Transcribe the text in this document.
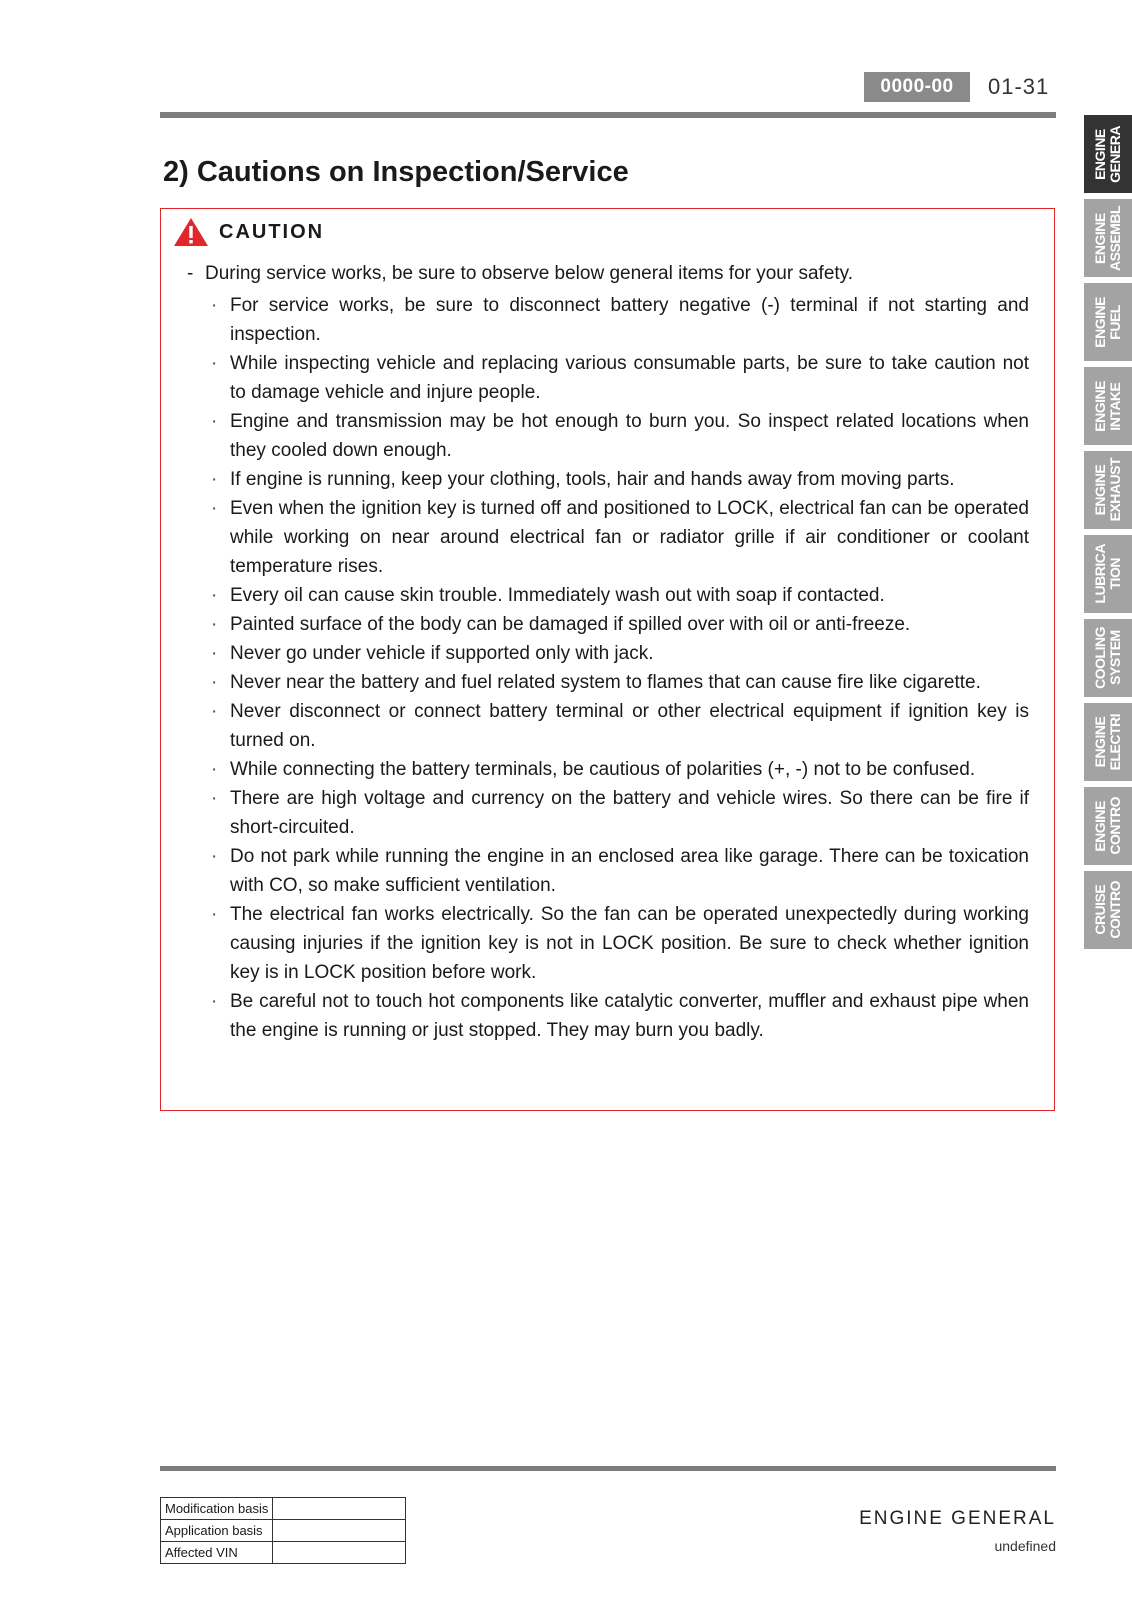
0000-00	01-31
2) Cautions on Inspection/Service
CAUTION

- During service works, be sure to observe below general items for your safety.

· For service works, be sure to disconnect battery negative (-) terminal if not starting and inspection.
· While inspecting vehicle and replacing various consumable parts, be sure to take caution not to damage vehicle and injure people.
· Engine and transmission may be hot enough to burn you. So inspect related locations when they cooled down enough.
· If engine is running, keep your clothing, tools, hair and hands away from moving parts.
· Even when the ignition key is turned off and positioned to LOCK, electrical fan can be operated while working on near around electrical fan or radiator grille if air conditioner or coolant temperature rises.
· Every oil can cause skin trouble. Immediately wash out with soap if contacted.
· Painted surface of the body can be damaged if spilled over with oil or anti-freeze.
· Never go under vehicle if supported only with jack.
· Never near the battery and fuel related system to flames that can cause fire like cigarette.
· Never disconnect or connect battery terminal or other electrical equipment if ignition key is turned on.
· While connecting the battery terminals, be cautious of polarities (+, -) not to be confused.
· There are high voltage and currency on the battery and vehicle wires. So there can be fire if short-circuited.
· Do not park while running the engine in an enclosed area like garage. There can be toxication with CO, so make sufficient ventilation.
· The electrical fan works electrically. So the fan can be operated unexpectedly during working causing injuries if the ignition key is not in LOCK position. Be sure to check whether ignition key is in LOCK position before work.
· Be careful not to touch hot components like catalytic converter, muffler and exhaust pipe when the engine is running or just stopped. They may burn you badly.
ENGINE
GENERA
ENGINE
ASSEMBL
ENGINE
FUEL
ENGINE
INTAKE
ENGINE
EXHAUST
LUBRICA
TION
COOLING
SYSTEM
ENGINE
ELECTRI
ENGINE
CONTRO
CRUISE
CONTRO
Modification basis	
Application basis	
Affected VIN	
ENGINE GENERAL
undefined
